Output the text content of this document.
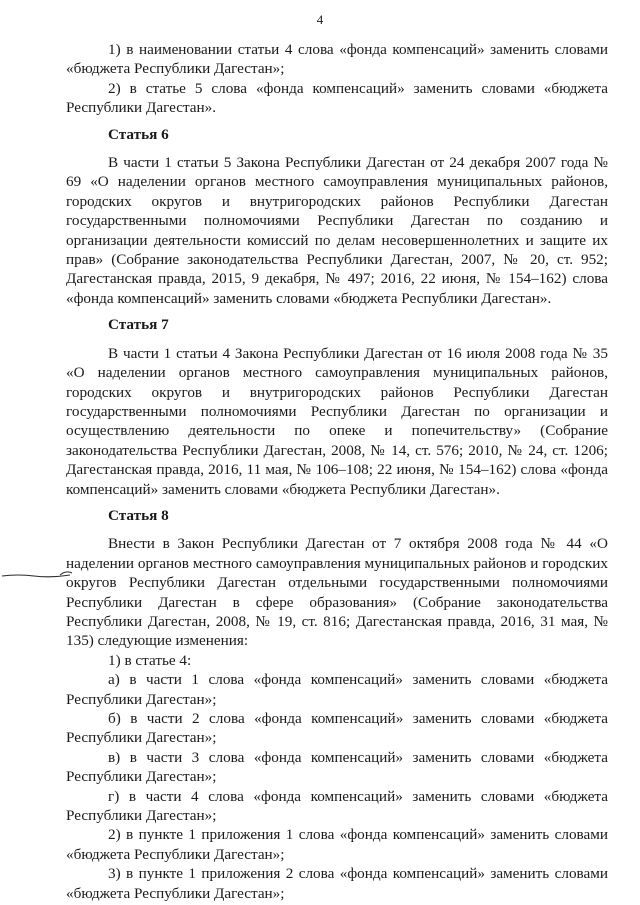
4

1) в наименовании статьи 4 слова «фонда компенсаций» заменить словами «бюджета Республики Дагестан»;

2) в статье 5 слова «фонда компенсаций» заменить словами «бюджета Республики Дагестан».

Статья 6

В части 1 статьи 5 Закона Республики Дагестан от 24 декабря 2007 года № 69 «О наделении органов местного самоуправления муниципальных районов, городских округов и внутригородских районов Республики Дагестан государственными полномочиями Республики Дагестан по созданию и организации деятельности комиссий по делам несовершеннолетних и защите их прав» (Собрание законодательства Республики Дагестан, 2007, № 20, ст. 952; Дагестанская правда, 2015, 9 декабря, № 497; 2016, 22 июня, № 154–162) слова «фонда компенсаций» заменить словами «бюджета Республики Дагестан».

Статья 7

В части 1 статьи 4 Закона Республики Дагестан от 16 июля 2008 года № 35 «О наделении органов местного самоуправления муниципальных районов, городских округов и внутригородских районов Республики Дагестан государственными полномочиями Республики Дагестан по организации и осуществлению деятельности по опеке и попечительству» (Собрание законодательства Республики Дагестан, 2008, № 14, ст. 576; 2010, № 24, ст. 1206; Дагестанская правда, 2016, 11 мая, № 106–108; 22 июня, № 154–162) слова «фонда компенсаций» заменить словами «бюджета Республики Дагестан».

Статья 8

Внести в Закон Республики Дагестан от 7 октября 2008 года № 44 «О наделении органов местного самоуправления муниципальных районов и городских округов Республики Дагестан отдельными государственными полномочиями Республики Дагестан в сфере образования» (Собрание законодательства Республики Дагестан, 2008, № 19, ст. 816; Дагестанская правда, 2016, 31 мая, № 135) следующие изменения:

1) в статье 4:

а) в части 1 слова «фонда компенсаций» заменить словами «бюджета Республики Дагестан»;

б) в части 2 слова «фонда компенсаций» заменить словами «бюджета Республики Дагестан»;

в) в части 3 слова «фонда компенсаций» заменить словами «бюджета Республики Дагестан»;

г) в части 4 слова «фонда компенсаций» заменить словами «бюджета Республики Дагестан»;

2) в пункте 1 приложения 1 слова «фонда компенсаций» заменить словами «бюджета Республики Дагестан»;

3) в пункте 1 приложения 2 слова «фонда компенсаций» заменить словами «бюджета Республики Дагестан»;
